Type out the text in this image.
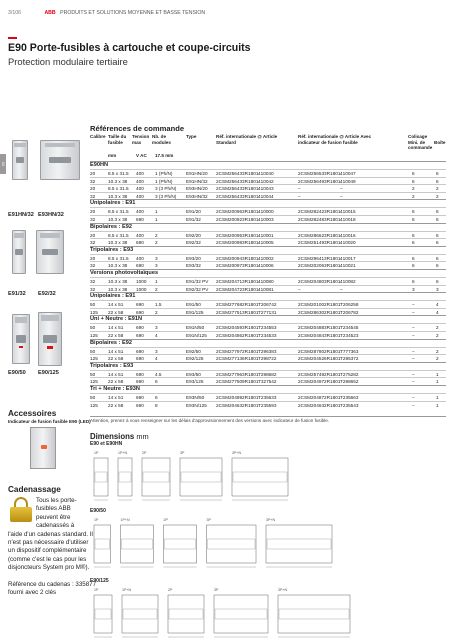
3/106	ABB PRODUITS ET SOLUTIONS MOYENNE ET BASSE TENSION
E90 Porte-fusibles à cartouche et coupe-circuits
Protection modulaire tertiaire
03
E91HN/32 E93HN/32
E91/32 E92/32
E90/50 E90/125
Références de commande
Calibre Taille du fusible
Tension max
Nb. de modules
Type	Réf. internationale @ Article Standard
Réf. internationale @ Article Avec indicateur de fusion fusible
Colisage
Mini. de commande
Boîte
mm	V AC 17.5 mm
E90HN
20	8.5 x 31.5 400 1 (Ph/N)	E91HN/20 2CSM256433R1801 410040	2CSM256533R1801 410047	6	6
32	10.3 x 38 400 1 (Ph/N)	E91HN/32 2CSM256433R1801 410042	2CSM256493R1801 410049	6	6
20	8.5 x 31.5 400 3 (3 Ph/N) E93HN/20 2CSM256433R1801 410043	–	–	2	2
32	10.3 x 38 400 3 (3 Ph/N) E93HN/32 2CSM256433R1801 410044	–	–	2	2
Unipolaires : E91
20	8.5 x 31.5 400 1	E91/20	2CSM200963R1801 410000	2CSM282423R1801 410015	6	6
32	10.3 x 38 690 1	E91/32	2CSM200923R1801 410003	2CSM282483R1801 410018	6	6
Bipolaires : E92
20	8.5 x 31.5 400 2	E92/20	2CSM200953R1801 410001	2CSM286623R1801 410016	6	6
32	10.3 x 38 690 2	E92/32	2CSM200983R1801 410005	2CSM251493R1801 410020	6	6
Tripolaires : E93
20	8.5 x 31.5 400 3	E93/20	2CSM200943R1801 410002	2CSM296413R1801 410017	6	6
32	10.3 x 38 690 3	E93/32	2CSM200973R1801 410006	2CSM202063R1801 410021	6	6
Versions photovoltaïques
32	10.3 x 38 1000 1	E91/32 PV 2CSM204713R1801 410080	2CSM204803R1801 410082	6	6
32	10.3 x 38 1000 2	E92/32 PV 2CSM204723R1801 410081	–	–	3	3
Unipolaires : E91
50	14 x 51	690 1.5	E91/50	2CSM277682R1801 T206742	2CSM201002R1801 T206258	–	4
125 22 x 58	690 2	E91/125	2CSM277513R1801 T277131	2CSM286302R1801 T206782	–	4
Uni + Neutre : E91N
50	14 x 51	690 3	E91N/50	2CSM204593R1801 T234553	2CSM204883R1801 T234545	–	2
125 22 x 58	690 4	E91N/125 2CSM204862R1801 T234533	2CSM204843R1801 T234523	–	2
Bipolaires : E92
50	14 x 51	690 3	E92/50	2CSM277972R1801 T296383	2CSM287802R1801 T777363	–	2
125 22 x 58	690 4	E92/125	2CSM277136R1801 T298722	2CSM204526R1801 T295372	–	2
Tripolaires : E93
50	14 x 51	690 4.5	E93/50	2CSM277963R1801 T298682	2CSM257492R1801 T275282	–	1
125 22 x 58	690 6	E93/125	2CSM277509R1801 T327542	2CSM204972R1801 T298652	–	1
Tri + Neutre : E93N
50	14 x 51	690 6	E93N/50	2CSM204892R1801 T235633	2CSM204872R1801 T235663	–	1
125 22 x 58	690 8	E93N/125 2CSM204632R1801 T235593	2CSM204632R1801 T235543	–	1
Attention, prenez à vous renseigner sur les délais d'approvisionnement des versions avec indicateur de fusion fusible.
Accessoires
Indicateur de fusion fusible E90 (LED)
Cadenassage
Tous les porte-
fusibles ABB
peuvent être
cadenassés à
l'aide d'un cadenas standard. Il
n'est pas nécessaire d'utiliser
un dispositif complémentaire
(comme c'est le cas pour les
disjoncteurs System pro M®).
Référence du cadenas : 335877
fourni avec 2 clés
Dimensions mm
E90 et E90HN
1P	1P+N	2P	3P	3P+N
E90/50
1P	1P+N	2P	3P	3P+N
E90/125
1P	1P+N	2P	3P	3P+N
